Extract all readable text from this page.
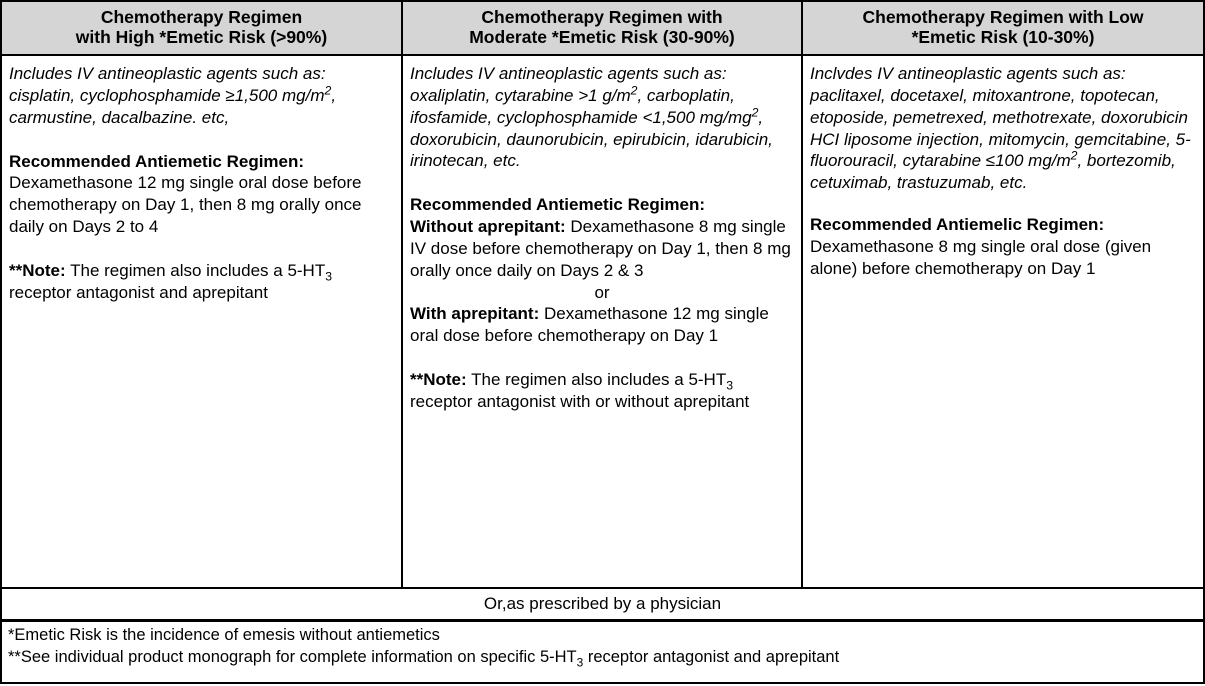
Chemotherapy Regimen
with High *Emetic Risk (>90%)
Chemotherapy Regimen with
Moderate *Emetic Risk (30-90%)
Chemotherapy Regimen with Low
*Emetic Risk (10-30%)

Includes IV antineoplastic agents such as: cisplatin, cyclophosphamide ≥1,500 $mg/m^2$, carmustine, dacalbazine. etc,

Recommended Antiemetic Regimen:
Dexamethasone 12 mg single oral dose before chemotherapy on Day 1, then 8 mg orally once daily on Days 2 to 4

**Note: The regimen also includes a $5-HT_3$ receptor antagonist and aprepitant

Includes IV antineoplastic agents such as: oxaliplatin, cytarabine >1 $g/m^2$, carboplatin, ifosfamide, cyclophosphamide <1,500 $mg/mg^2$, doxorubicin, daunorubicin, epirubicin, idarubicin, irinotecan, etc.

Recommended Antiemetic Regimen:
Without aprepitant: Dexamethasone 8 mg single IV dose before chemotherapy on Day 1, then 8 mg orally once daily on Days 2 & 3

or

With aprepitant: Dexamethasone 12 mg single oral dose before chemotherapy on Day 1

**Note: The regimen also includes a $5-HT_3$ receptor antagonist with or without aprepitant

Inclvdes IV antineoplastic agents such as: paclitaxel, docetaxel, mitoxantrone, topotecan, etoposide, pemetrexed, methotrexate, doxorubicin HCI liposome injection, mitomycin, gemcitabine, 5-fluorouracil, cytarabine ≤100 $mg/m^2$, bortezomib, cetuximab, trastuzumab, etc.

Recommended Antiemelic Regimen:
Dexamethasone 8 mg single oral dose (given alone) before chemotherapy on Day 1

Or,as prescribed by a physician

*Emetic Risk is the incidence of emesis without antiemetics

**See individual product monograph for complete information on specific $5-HT_3$ receptor antagonist and aprepitant
